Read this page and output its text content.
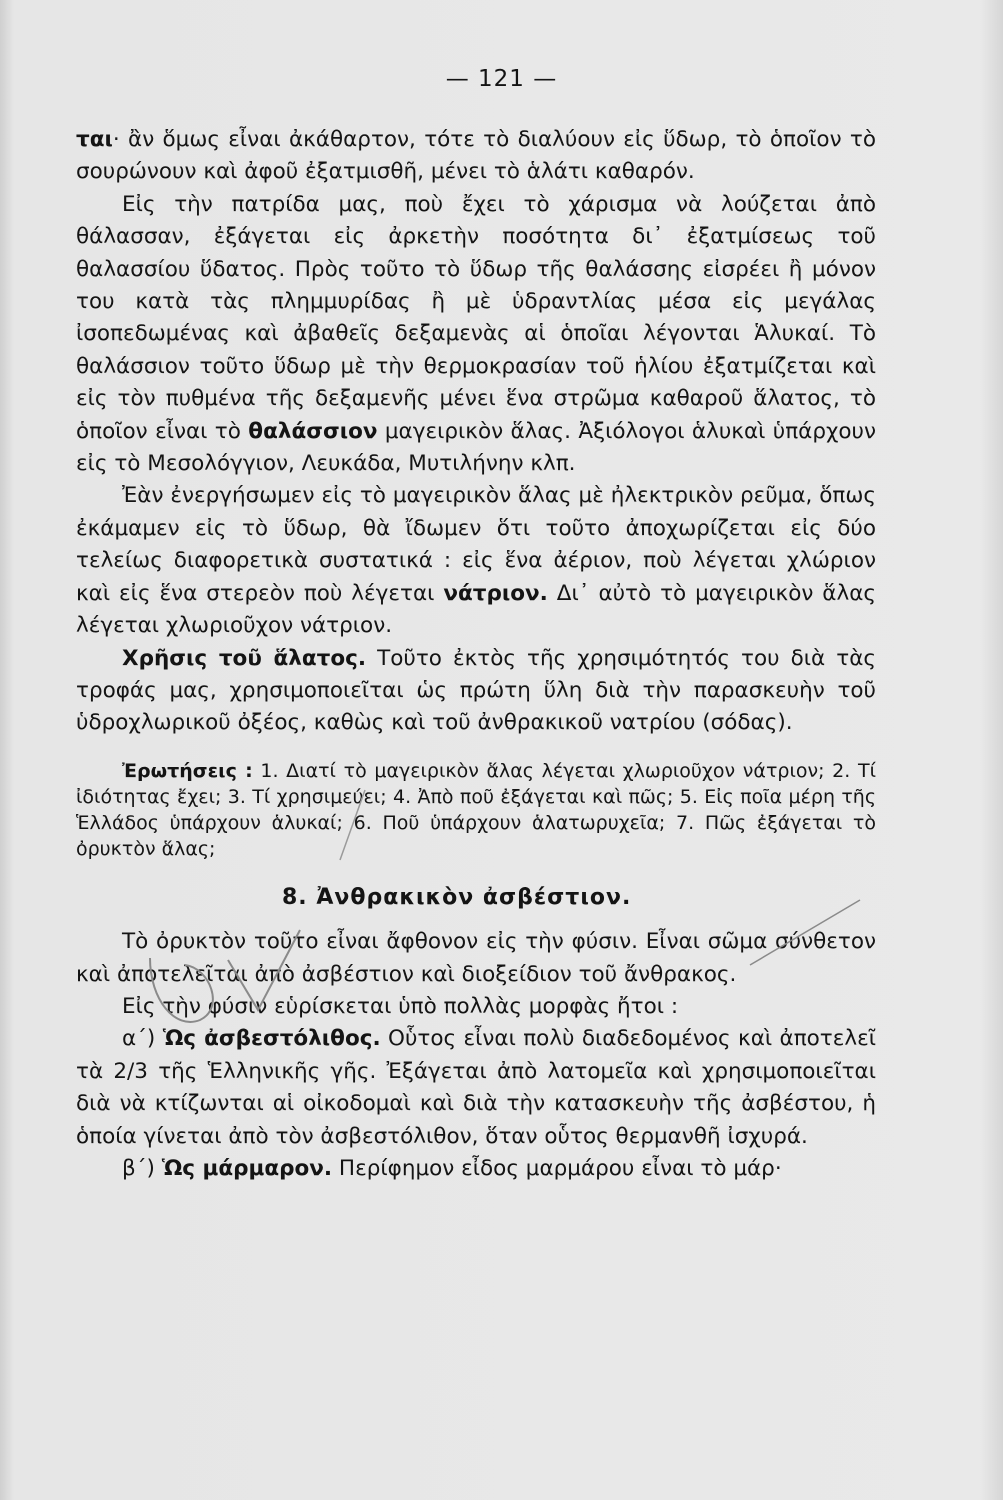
— 121 —

ται· ἂν ὅμως εἶναι ἀκάθαρτον, τότε τὸ διαλύουν εἰς ὕδωρ, τὸ ὁποῖον τὸ σουρώνουν καὶ ἀφοῦ ἐξατμισθῆ, μένει τὸ ἁλάτι καθαρόν.

Εἰς τὴν πατρίδα μας, ποὺ ἔχει τὸ χάρισμα νὰ λούζεται ἀπὸ θάλασσαν, ἐξάγεται εἰς ἀρκετὴν ποσότητα δι᾿ ἐξατμίσεως τοῦ θαλασσίου ὕδατος. Πρὸς τοῦτο τὸ ὕδωρ τῆς θαλάσσης εἰσρέει ἢ μόνον του κατὰ τὰς πλημμυρίδας ἢ μὲ ὑδραντλίας μέσα εἰς μεγάλας ἰσοπεδωμένας καὶ ἀβαθεῖς δεξαμενὰς αἱ ὁποῖαι λέγονται Ἁλυκαί. Τὸ θαλάσσιον τοῦτο ὕδωρ μὲ τὴν θερμοκρασίαν τοῦ ἡλίου ἐξατμίζεται καὶ εἰς τὸν πυθμένα τῆς δεξαμενῆς μένει ἕνα στρῶμα καθαροῦ ἅλατος, τὸ ὁποῖον εἶναι τὸ θαλάσσιον μαγειρικὸν ἅλας. Ἀξιόλογοι ἁλυκαὶ ὑπάρχουν εἰς τὸ Μεσολόγγιον, Λευκάδα, Μυτιλήνην κλπ.

Ἐὰν ἐνεργήσωμεν εἰς τὸ μαγειρικὸν ἅλας μὲ ἠλεκτρικὸν ρεῦμα, ὅπως ἐκάμαμεν εἰς τὸ ὕδωρ, θὰ ἴδωμεν ὅτι τοῦτο ἀποχωρίζεται εἰς δύο τελείως διαφορετικὰ συστατικά : εἰς ἕνα ἀέριον, ποὺ λέγεται χλώριον καὶ εἰς ἕνα στερεὸν ποὺ λέγεται νάτριον. Δι᾿ αὐτὸ τὸ μαγειρικὸν ἅλας λέγεται χλωριοῦχον νάτριον.

Χρῆσις τοῦ ἅλατος. Τοῦτο ἐκτὸς τῆς χρησιμότητός του διὰ τὰς τροφάς μας, χρησιμοποιεῖται ὡς πρώτη ὕλη διὰ τὴν παρασκευὴν τοῦ ὑδροχλωρικοῦ ὀξέος, καθὼς καὶ τοῦ ἀνθρακικοῦ νατρίου (σόδας).

Ἐρωτήσεις : 1. Διατί τὸ μαγειρικὸν ἅλας λέγεται χλωριοῦχον νάτριον; 2. Τί ἰδιότητας ἔχει; 3. Τί χρησιμεύει; 4. Ἀπὸ ποῦ ἐξάγεται καὶ πῶς; 5. Εἰς ποῖα μέρη τῆς Ἑλλάδος ὑπάρχουν ἁλυκαί; 6. Ποῦ ὑπάρχουν ἁλατωρυχεῖα; 7. Πῶς ἐξάγεται τὸ ὀρυκτὸν ἅλας;

8. Ἀνθρακικὸν ἀσβέστιον.

Τὸ ὀρυκτὸν τοῦτο εἶναι ἄφθονον εἰς τὴν φύσιν. Εἶναι σῶμα σύνθετον καὶ ἀποτελεῖται ἀπὸ ἀσβέστιον καὶ διοξείδιον τοῦ ἄνθρακος.

Εἰς τὴν φύσιν εὑρίσκεται ὑπὸ πολλὰς μορφὰς ἤτοι :

α΄) Ὡς ἀσβεστόλιθος. Οὗτος εἶναι πολὺ διαδεδομένος καὶ ἀποτελεῖ τὰ 2/3 τῆς Ἑλληνικῆς γῆς. Ἐξάγεται ἀπὸ λατομεῖα καὶ χρησιμοποιεῖται διὰ νὰ κτίζωνται αἱ οἰκοδομαὶ καὶ διὰ τὴν κατασκευὴν τῆς ἀσβέστου, ἡ ὁποία γίνεται ἀπὸ τὸν ἀσβεστόλιθον, ὅταν οὗτος θερμανθῆ ἰσχυρά.

β΄) Ὡς μάρμαρον. Περίφημον εἶδος μαρμάρου εἶναι τὸ μάρ·
